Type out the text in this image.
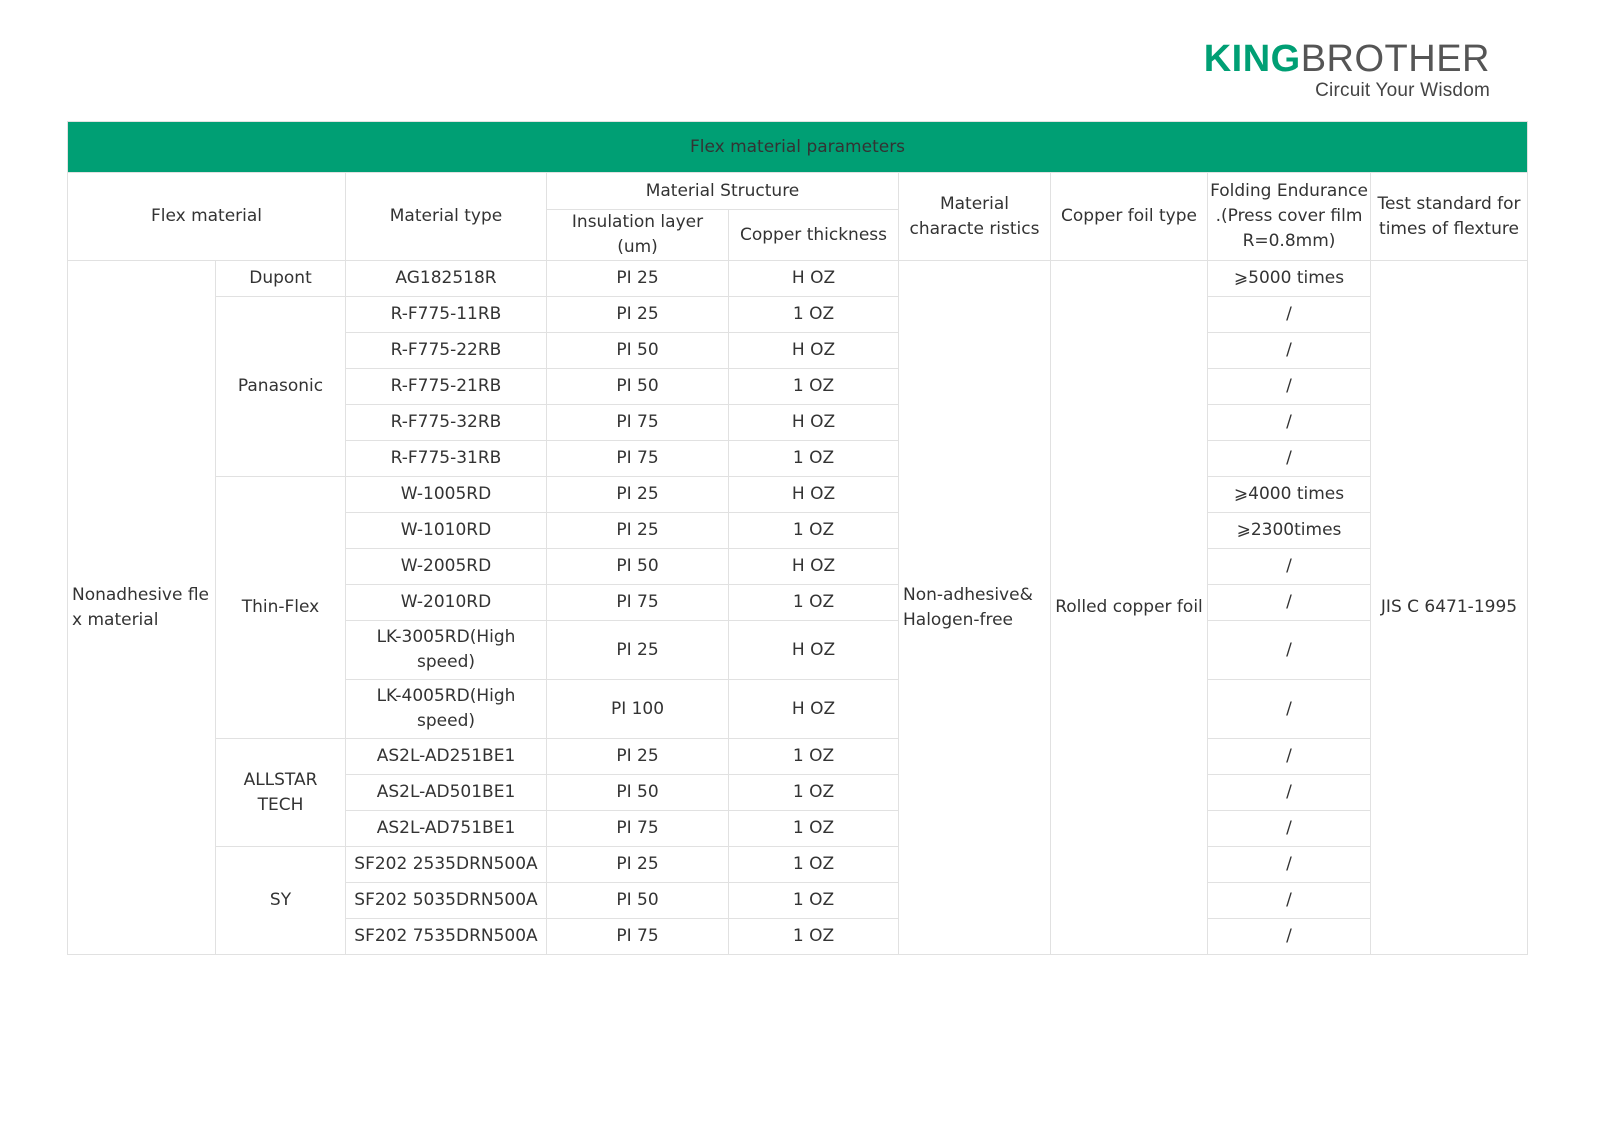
KINGBROTHER
Circuit Your Wisdom
Flex material parameters								
Flex material		Material type	Material Structure		Material characte ristics	Copper foil type	Folding Endurance .(Press cover film R=0.8mm)	Test standard for times of flexture
			Insulation layer (um)	Copper thickness				
Nonadhesive fle x material	Dupont	AG182518R	PI 25	H OZ	Non-adhesive& Halogen-free	Rolled copper foil	⩾5000 times	JIS C 6471-1995
	Panasonic	R-F775-11RB	PI 25	1 OZ			/	
		R-F775-22RB	PI 50	H OZ			/	
		R-F775-21RB	PI 50	1 OZ			/	
		R-F775-32RB	PI 75	H OZ			/	
		R-F775-31RB	PI 75	1 OZ			/	
	Thin-Flex	W-1005RD	PI 25	H OZ			⩾4000 times	
		W-1010RD	PI 25	1 OZ			⩾2300times	
		W-2005RD	PI 50	H OZ			/	
		W-2010RD	PI 75	1 OZ			/	
		LK-3005RD(High speed)	PI 25	H OZ			/	
		LK-4005RD(High speed)	PI 100	H OZ			/	
	ALLSTAR TECH	AS2L-AD251BE1	PI 25	1 OZ			/	
		AS2L-AD501BE1	PI 50	1 OZ			/	
		AS2L-AD751BE1	PI 75	1 OZ			/	
	SY	SF202 2535DRN500A	PI 25	1 OZ			/	
		SF202 5035DRN500A	PI 50	1 OZ			/	
		SF202 7535DRN500A	PI 75	1 OZ			/	
